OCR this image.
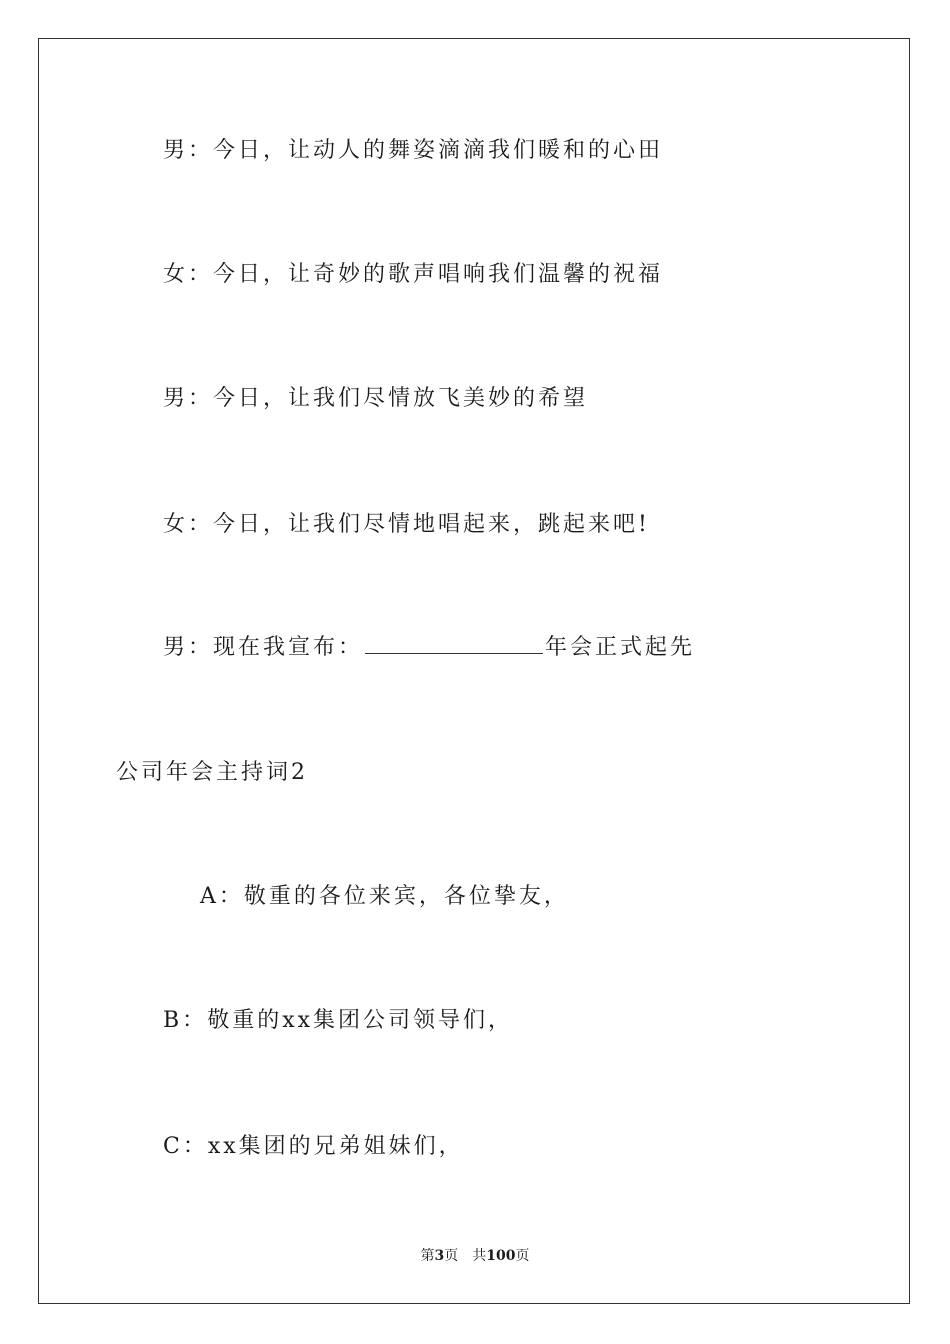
男：今日，让动人的舞姿滴滴我们暖和的心田
女：今日，让奇妙的歌声唱响我们温馨的祝福
男：今日，让我们尽情放飞美妙的希望
女：今日，让我们尽情地唱起来，跳起来吧!
男：现在我宣布：	年会正式起先
公司年会主持词2
A：敬重的各位来宾，各位挚友，
B：敬重的xx集团公司领导们，
C：xx集团的兄弟姐妹们，
第3页 共100页
